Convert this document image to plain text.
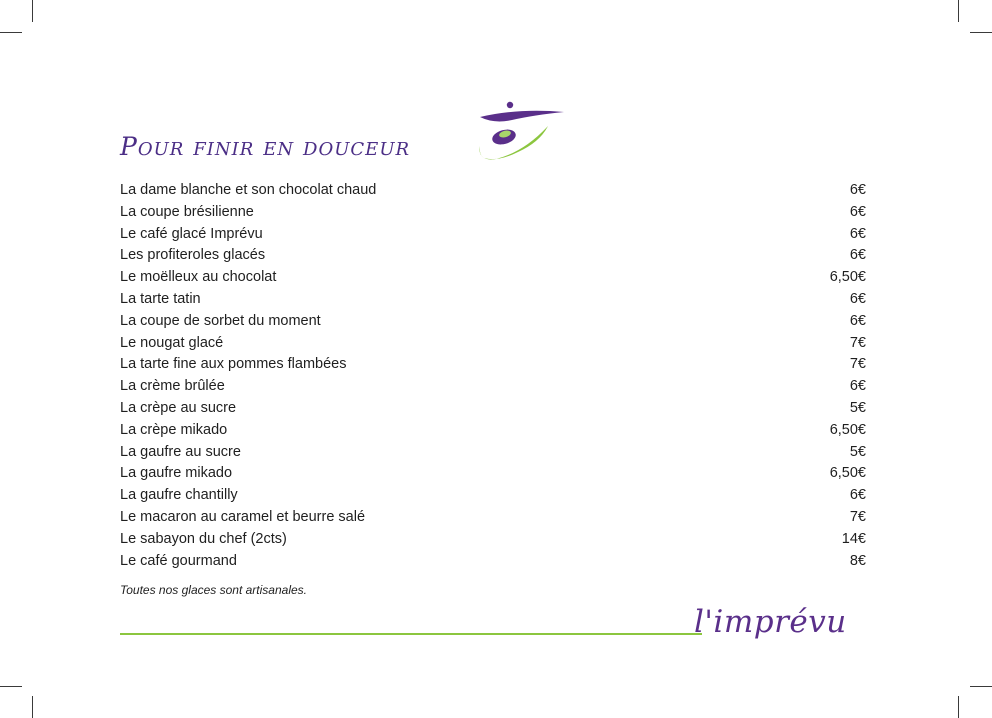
Pour finir en douceur
La dame blanche et son chocolat chaud	6€
La coupe brésilienne	6€
Le café glacé Imprévu	6€
Les profiteroles glacés	6€
Le moëlleux au chocolat	6,50€
La tarte tatin	6€
La coupe de sorbet du moment	6€
Le nougat glacé	7€
La tarte fine aux pommes flambées	7€
La crème brûlée	6€
La crèpe au sucre	5€
La crèpe mikado	6,50€
La gaufre au sucre	5€
La gaufre mikado	6,50€
La gaufre chantilly	6€
Le macaron au caramel et beurre salé	7€
Le sabayon du chef (2cts)	14€
Le café gourmand	8€

Toutes nos glaces sont artisanales.

l'imprévu
